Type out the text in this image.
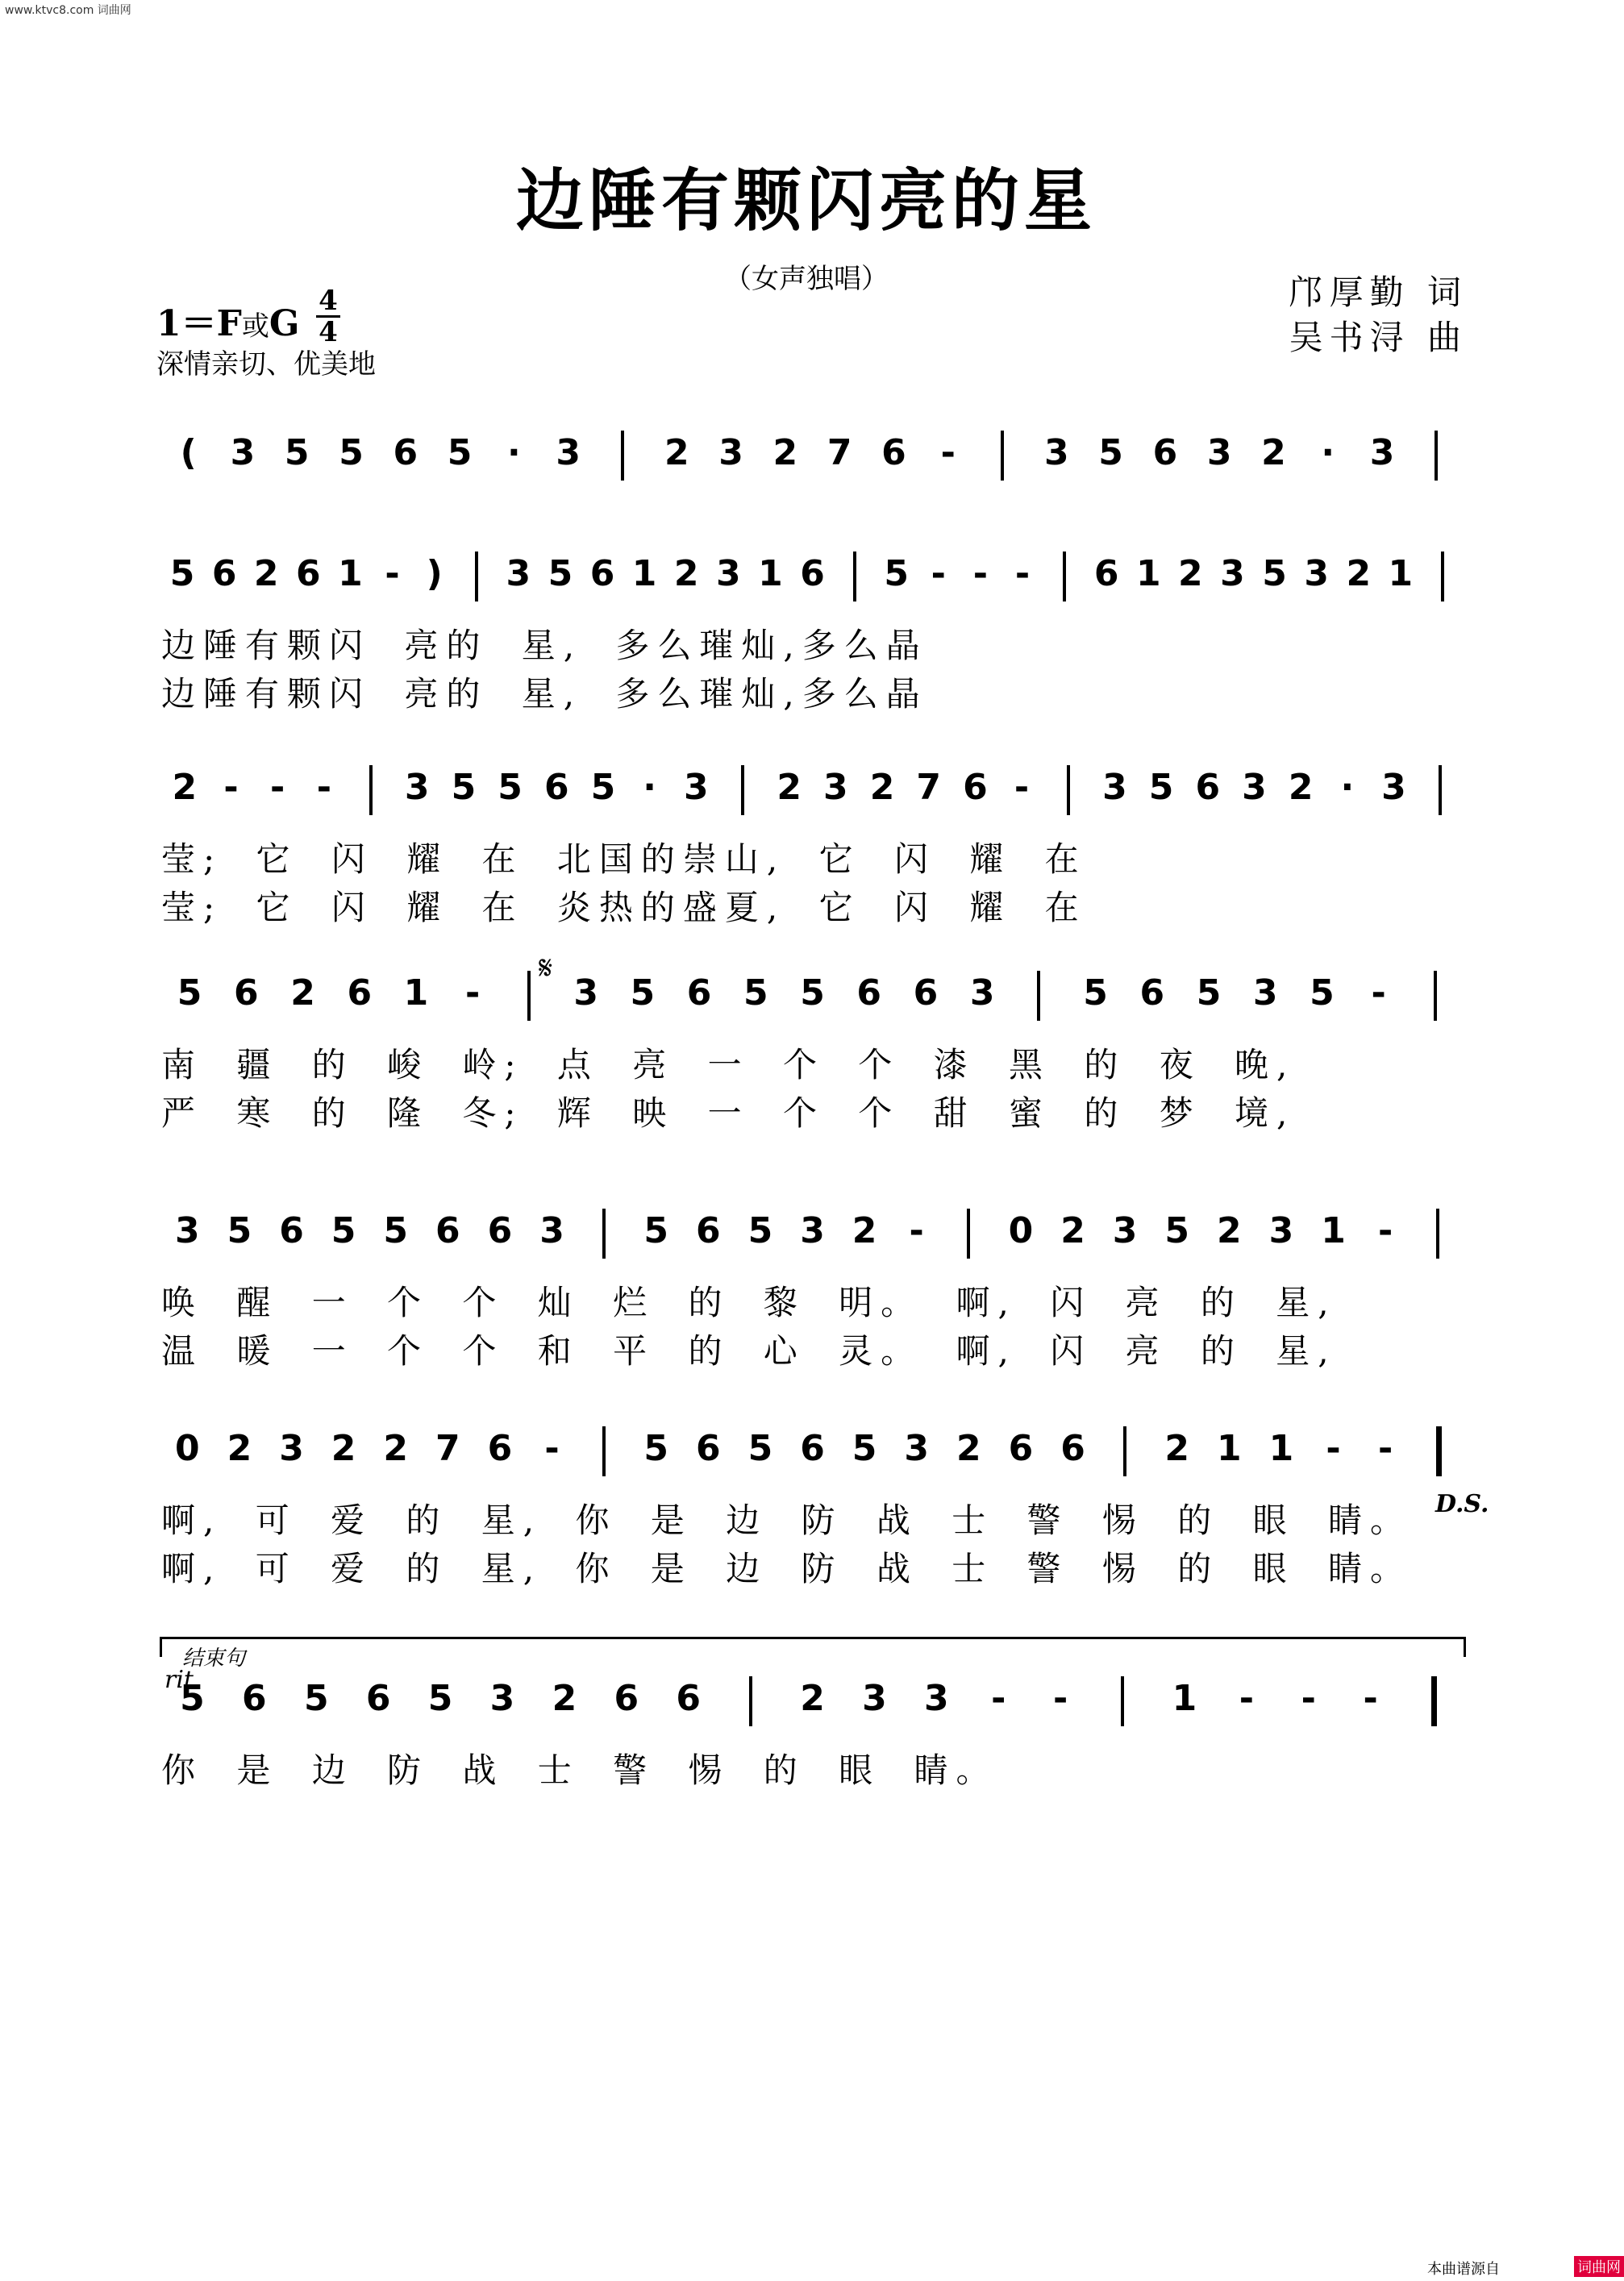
www.ktvc8.com 词曲网
边陲有颗闪亮的星
（女声独唱）	邝厚勤 词
吴书浔 曲
1＝F或G
4
4
深情亲切、优美地
( 3 5 5 6 5 · 3 2 3 2 7 6 -	3 5 6 3 2 · 3
5 6 2 6 1 - ) 3 5 6 1 2 3 1 6 5 - - - 6 1 2 3 5 3 2 1
边陲有颗闪 亮的 星, 多么璀灿,多么晶
边陲有颗闪 亮的 星, 多么璀灿,多么晶
2 - - - 3 5 5 6 5 · 3 2 3 2 7 6 - 3 5 6 3 2 · 3
莹; 它 闪 耀 在 北国的崇山, 它 闪 耀 在
莹; 它 闪 耀 在 炎热的盛夏, 它 闪 耀 在
5 6 2 6 1 -	3 5 6 5 5 6 6 3 5 6 5 3 5 -
南 疆 的 峻 岭; 点 亮 一 个 个 漆 黑 的 夜 晚,
严 寒 的 隆 冬; 辉 映 一 个 个 甜 蜜 的 梦 境,
3 5 6 5 5 6 6 3 5 6 5 3 2 - 0 2 3 5 2 3 1 -
唤 醒 一 个 个 灿 烂 的 黎 明。 啊, 闪 亮 的 星,
温 暖 一 个 个 和 平 的 心 灵。 啊, 闪 亮 的 星,
0 2 3 2 2 7 6 - 5 6 5 6 5 3 2 6 6 2 1 1 - -
啊, 可 爱 的 星, 你 是 边 防 战 士 警 惕 的 眼 睛。
啊, 可 爱 的 星, 你 是 边 防 战 士 警 惕 的 眼 睛。
5 6 5 6 5 3 2 6 6	2 3 3 - -	1 - - -
你 是 边 防 战 士 警 惕 的 眼 睛。
𝄋
D.S.
结束句
rit
本曲谱源自	词曲网
